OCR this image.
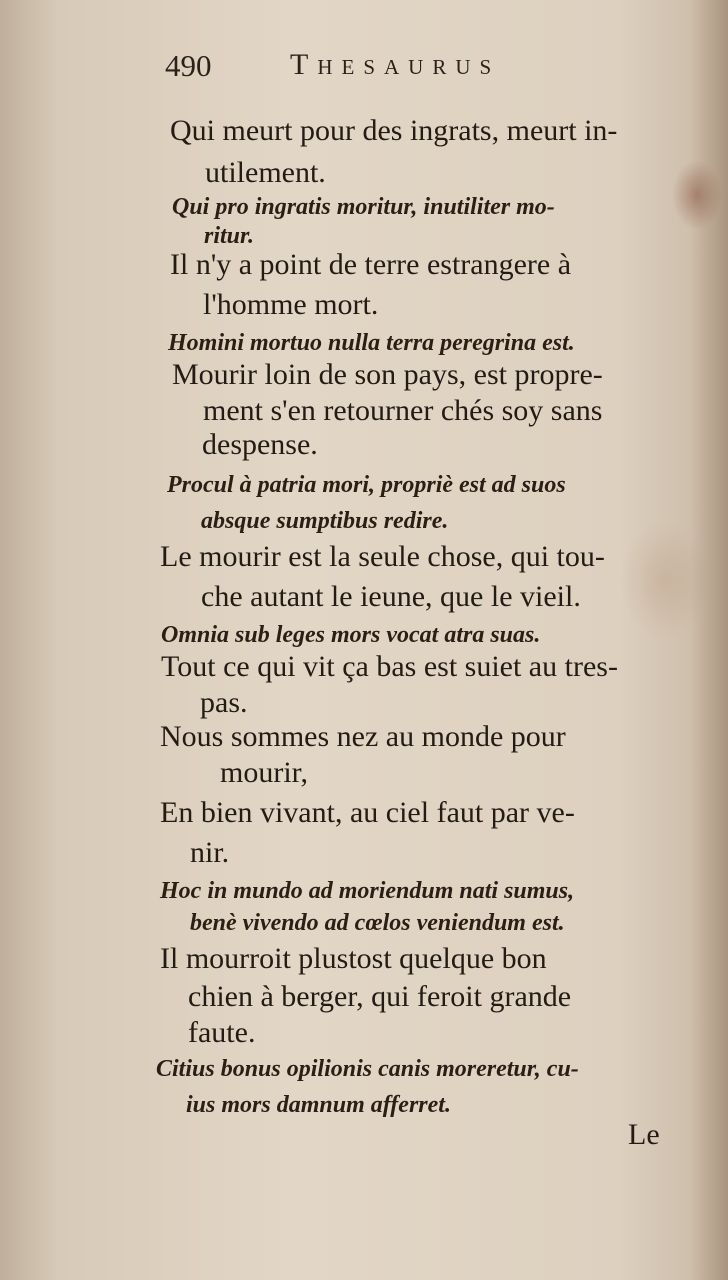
490	Thesaurus
Qui meurt pour des ingrats, meurt in-
utilement.
Qui pro ingratis moritur, inutiliter mo-
ritur.
Il n'y a point de terre estrangere à
l'homme mort.
Homini mortuo nulla terra peregrina est.
Mourir loin de son pays, est propre-
ment s'en retourner chés soy sans
despense.
Procul à patria mori, propriè est ad suos
absque sumptibus redire.
Le mourir est la seule chose, qui tou-
che autant le ieune, que le vieil.
Omnia sub leges mors vocat atra suas.
Tout ce qui vit ça bas est suiet au tres-
pas.
Nous sommes nez au monde pour
mourir,
En bien vivant, au ciel faut par ve-
nir.
Hoc in mundo ad moriendum nati sumus,
benè vivendo ad cœlos veniendum est.
Il mourroit plustost quelque bon
chien à berger, qui feroit grande
faute.
Citius bonus opilionis canis moreretur, cu-
ius mors damnum afferret.
Le
